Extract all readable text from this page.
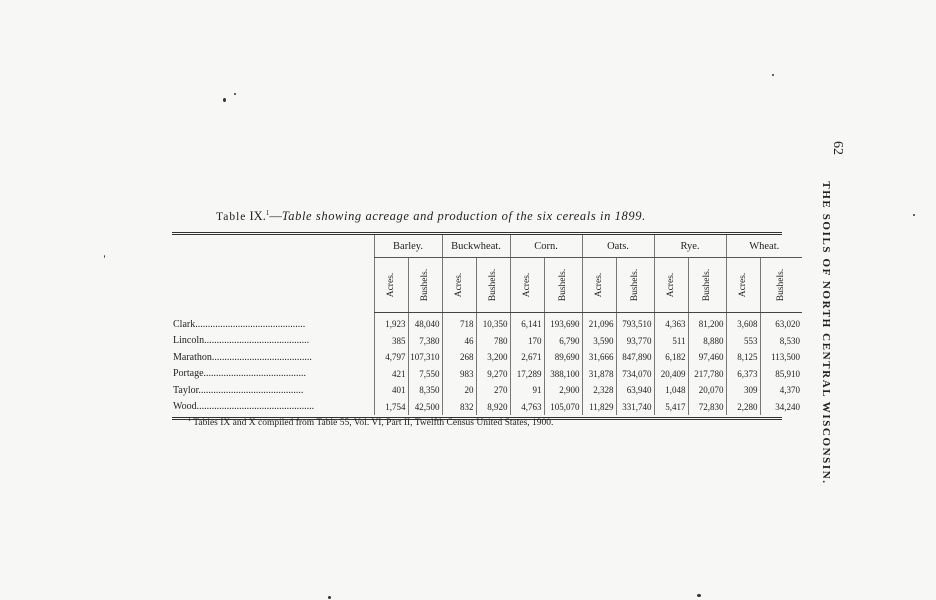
62
THE SOILS OF NORTH CENTRAL WISCONSIN.
Table IX.$^1$—Table showing acreage and production of the six cereals in 1899.
	Barley.		Buckwheat.		Corn.		Oats.		Rye.		Wheat.	

	Acres.	Bushels.	Acres.	Bushels.	Acres.	Bushels.	Acres.	Bushels.	Acres.	Bushels.	Acres.	Bushels.

Clark............................................	1,923	48,040	718	10,350	6,141	193,690	21,096	793,510	4,363	81,200	3,608	63,020
Lincoln..........................................	385	7,380	46	780	170	6,790	3,590	93,770	511	8,880	553	8,530
Marathon........................................	4,797	107,310	268	3,200	2,671	89,690	31,666	847,890	6,182	97,460	8,125	113,500
Portage.........................................	421	7,550	983	9,270	17,289	388,100	31,878	734,070	20,409	217,780	6,373	85,910
Taylor..........................................	401	8,350	20	270	91	2,900	2,328	63,940	1,048	20,070	309	4,370
Wood...............................................	1,754	42,500	832	8,920	4,763	105,070	11,829	331,740	5,417	72,830	2,280	34,240
$^1$ Tables IX and X compiled from Table 55, Vol. VI, Part II, Twelfth Census United States, 1900.
